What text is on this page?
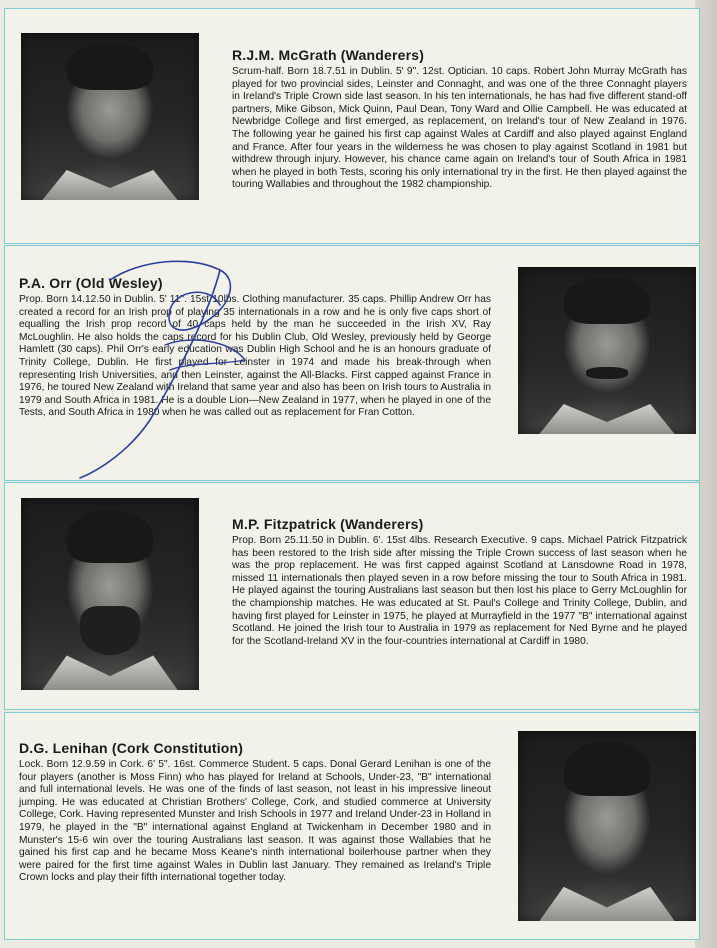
R.J.M. McGrath (Wanderers)

Scrum-half. Born 18.7.51 in Dublin. 5' 9". 12st. Optician. 10 caps. Robert John Murray McGrath has played for two provincial sides, Leinster and Connaght, and was one of the three Connaght players in Ireland's Triple Crown side last season. In his ten internationals, he has had five different stand-off partners, Mike Gibson, Mick Quinn, Paul Dean, Tony Ward and Ollie Campbell. He was educated at Newbridge College and first emerged, as replacement, on Ireland's tour of New Zealand in 1976. The following year he gained his first cap against Wales at Cardiff and also played against England and France. After four years in the wilderness he was chosen to play against Scotland in 1981 but withdrew through injury. However, his chance came again on Ireland's tour of South Africa in 1981 when he played in both Tests, scoring his only international try in the first. He then played against the touring Wallabies and throughout the 1982 championship.

P.A. Orr (Old Wesley)

Prop. Born 14.12.50 in Dublin. 5' 11''. 15st 10lbs. Clothing manufacturer. 35 caps. Phillip Andrew Orr has created a record for an Irish prop of playing 35 internationals in a row and he is only five caps short of equalling the Irish prop record of 40 caps held by the man he succeeded in the Irish XV, Ray McLoughlin. He also holds the caps record for his Dublin Club, Old Wesley, previously held by George Hamlett (30 caps). Phil Orr's early education was Dublin High School and he is an honours graduate of Trinity College, Dublin. He first played for Leinster in 1974 and made his break-through when representing Irish Universities, and then Leinster, against the All-Blacks. First capped against France in 1976, he toured New Zealand with Ireland that same year and also has been on Irish tours to Australia in 1979 and South Africa in 1981. He is a double Lion—New Zealand in 1977, when he played in one of the Tests, and South Africa in 1980 when he was called out as replacement for Fran Cotton.

M.P. Fitzpatrick (Wanderers)

Prop. Born 25.11.50 in Dublin. 6'. 15st 4lbs. Research Executive. 9 caps. Michael Patrick Fitzpatrick has been restored to the Irish side after missing the Triple Crown success of last season when he was the prop replacement. He was first capped against Scotland at Lansdowne Road in 1978, missed 11 internationals then played seven in a row before missing the tour to South Africa in 1981. He played against the touring Australians last season but then lost his place to Gerry McLoughlin for the championship matches. He was educated at St. Paul's College and Trinity College, Dublin, and having first played for Leinster in 1975, he played at Murrayfield in the 1977 "B" international against Scotland. He joined the Irish tour to Australia in 1979 as replacement for Ned Byrne and he played for the Scotland-Ireland XV in the four-countries international at Cardiff in 1980.

D.G. Lenihan (Cork Constitution)

Lock. Born 12.9.59 in Cork. 6' 5". 16st. Commerce Student. 5 caps. Donal Gerard Lenihan is one of the four players (another is Moss Finn) who has played for Ireland at Schools, Under-23, "B" international and full international levels. He was one of the finds of last season, not least in his impressive lineout jumping. He was educated at Christian Brothers' College, Cork, and studied commerce at University College, Cork. Having represented Munster and Irish Schools in 1977 and Ireland Under-23 in Holland in 1979, he played in the "B" international against England at Twickenham in December 1980 and in Munster's 15-6 win over the touring Australians last season. It was against those Wallabies that he gained his first cap and he became Moss Keane's ninth international boilerhouse partner when they were paired for the first time against Wales in Dublin last January. They remained as Ireland's Triple Crown locks and play their fifth international together today.
